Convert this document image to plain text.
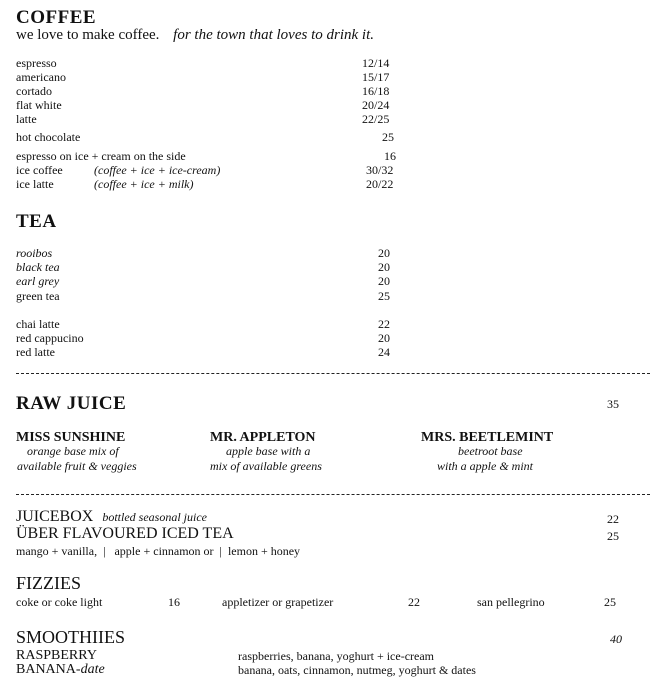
COFFEE
we love to make coffee. for the town that loves to drink it.
espresso	12/14
americano	15/17
cortado	16/18
flat white	20/24
latte	22/25
hot chocolate	25
espresso on ice + cream on the side	16
ice coffee	(coffee + ice + ice-cream)	30/32
ice latte	(coffee + ice + milk)	20/22
TEA
rooibos	20
black tea	20
earl grey	20
green tea	25
chai latte	22
red cappucino	20
red latte	24
RAW JUICE	35
MISS SUNSHINE
orange base mix of
available fruit & veggies
MR. APPLETON
apple base with a
mix of available greens
MRS. BEETLEMINT
beetroot base
with a apple & mint
JUICEBOX bottled seasonal juice	22
ÜBER FLAVOURED ICED TEA	25
mango + vanilla,  |   apple + cinnamon or  |  lemon + honey
FIZZIES
coke or coke light	16	appletizer or grapetizer	22	san pellegrino	25
SMOOTHIIES	40
RASPBERRY	raspberries, banana, yoghurt + ice-cream
BANANA-date	banana, oats, cinnamon, nutmeg, yoghurt & dates
